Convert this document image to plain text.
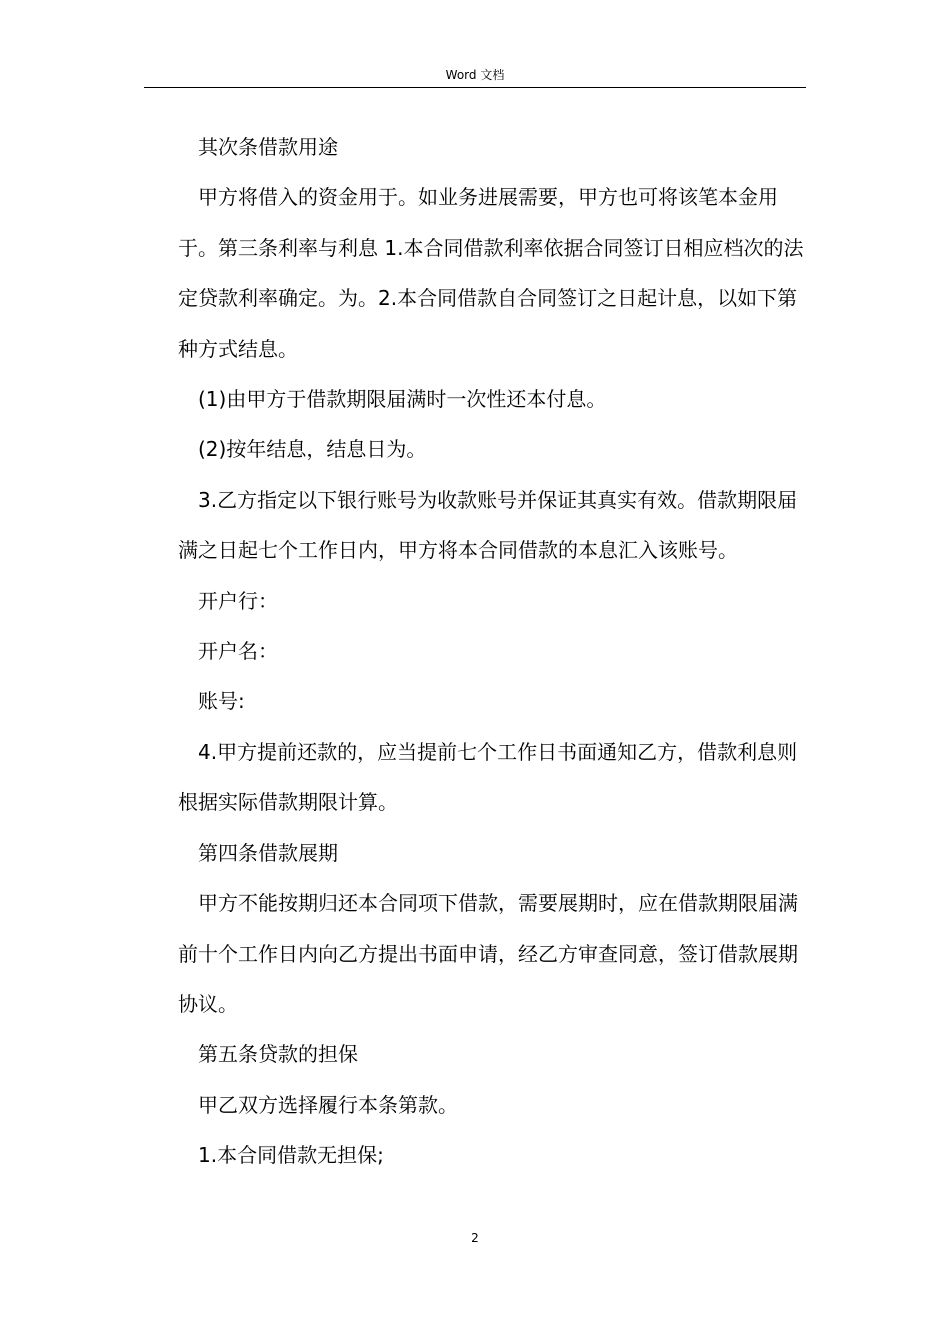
Word 文档

其次条借款用途

甲方将借入的资金用于。如业务进展需要，甲方也可将该笔本金用于。第三条利率与利息 1.本合同借款利率依据合同签订日相应档次的法定贷款利率确定。为。2.本合同借款自合同签订之日起计息，以如下第种方式结息。

(1)由甲方于借款期限届满时一次性还本付息。

(2)按年结息，结息日为。

3.乙方指定以下银行账号为收款账号并保证其真实有效。借款期限届满之日起七个工作日内，甲方将本合同借款的本息汇入该账号。

开户行：

开户名：

账号:

4.甲方提前还款的，应当提前七个工作日书面通知乙方，借款利息则根据实际借款期限计算。

第四条借款展期

甲方不能按期归还本合同项下借款，需要展期时，应在借款期限届满前十个工作日内向乙方提出书面申请，经乙方审查同意，签订借款展期协议。

第五条贷款的担保

甲乙双方选择履行本条第款。

1.本合同借款无担保;

2
